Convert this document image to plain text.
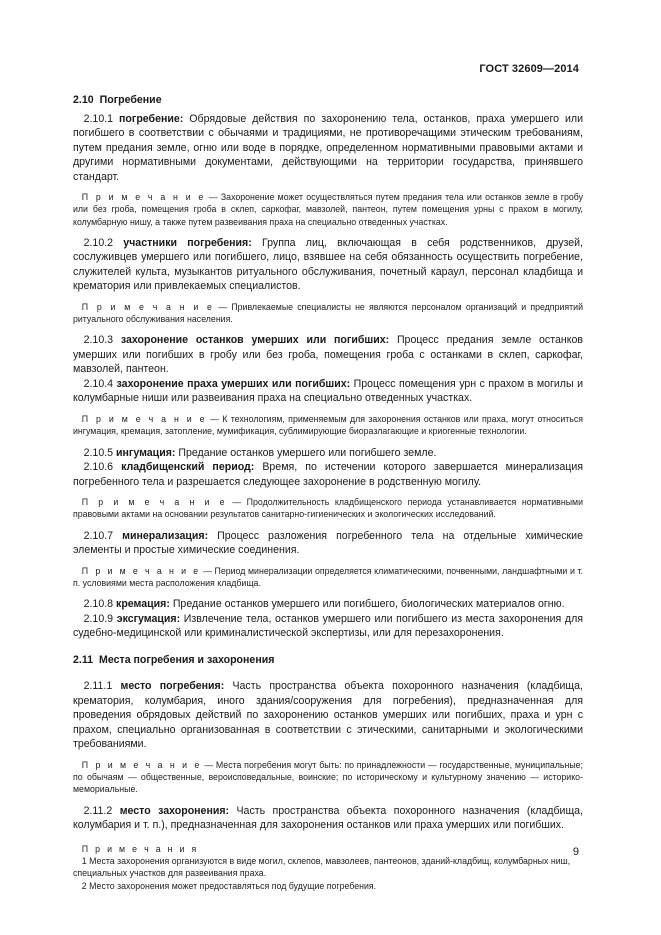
ГОСТ 32609—2014
2.10 Погребение

 2.10.1 погребение: Обрядовые действия по захоронению тела, останков, праха умершего или погибшего в соответствии с обычаями и традициями, не противоречащими этическим требованиям, путем предания земле, огню или воде в порядке, определенном нормативными правовыми актами и другими нормативными документами, действующими на территории государства, принявшего стандарт.

 П р и м е ч а н и е — Захоронение может осуществляться путем предания тела или останков земле в гробу или без гроба, помещения гроба в склеп, саркофаг, мавзолей, пантеон, путем помещения урны с прахом в могилу, колумбарную нишу, а также путем развеивания праха на специально отведенных участках.

 2.10.2 участники погребения: Группа лиц, включающая в себя родственников, друзей, сослуживцев умершего или погибшего, лицо, взявшее на себя обязанность осуществить погребение, служителей культа, музыкантов ритуального обслуживания, почетный караул, персонал кладбища и крематория или привлекаемых специалистов.

 П р и м е ч а н и е — Привлекаемые специалисты не являются персоналом организаций и предприятий ритуального обслуживания населения.

 2.10.3 захоронение останков умерших или погибших: Процесс предания земле останков умерших или погибших в гробу или без гроба, помещения гроба с останками в склеп, саркофаг, мавзолей, пантеон.

 2.10.4 захоронение праха умерших или погибших: Процесс помещения урн с прахом в могилы и колумбарные ниши или развеивания праха на специально отведенных участках.

 П р и м е ч а н и е — К технологиям, применяемым для захоронения останков или праха, могут относиться ингумация, кремация, затопление, мумификация, сублимирующие биоразлагающие и криогенные технологии.

 2.10.5 ингумация: Предание останков умершего или погибшего земле.

 2.10.6 кладбищенский период: Время, по истечении которого завершается минерализация погребенного тела и разрешается следующее захоронение в родственную могилу.

 П р и м е ч а н и е — Продолжительность кладбищенского периода устанавливается нормативными правовыми актами на основании результатов санитарно-гигиенических и экологических исследований.

 2.10.7 минерализация: Процесс разложения погребенного тела на отдельные химические элементы и простые химические соединения.

 П р и м е ч а н и е — Период минерализации определяется климатическими, почвенными, ландшафтными и т. п. условиями места расположения кладбища.

 2.10.8 кремация: Предание останков умершего или погибшего, биологических материалов огню.

 2.10.9 эксгумация: Извлечение тела, останков умершего или погибшего из места захоронения для судебно-медицинской или криминалистической экспертизы, или для перезахоронения.

2.11 Места погребения и захоронения

 2.11.1 место погребения: Часть пространства объекта похоронного назначения (кладбища, крематория, колумбария, иного здания/сооружения для погребения), предназначенная для проведения обрядовых действий по захоронению останков умерших или погибших, праха и урн с прахом, специально организованная в соответствии с этическими, санитарными и экологическими требованиями.

 П р и м е ч а н и е — Места погребения могут быть: по принадлежности — государственные, муниципальные; по обычаям — общественные, вероисповедальные, воинские; по историческому и культурному значению — историко-мемориальные.

 2.11.2 место захоронения: Часть пространства объекта похоронного назначения (кладбища, колумбария и т. п.), предназначенная для захоронения останков или праха умерших или погибших.

 П р и м е ч а н и я
 1 Места захоронения организуются в виде могил, склепов, мавзолеев, пантеонов, зданий-кладбищ, колумбарных ниш, специальных участков для развеивания праха.
 2 Место захоронения может предоставляться под будущие погребения.
9
